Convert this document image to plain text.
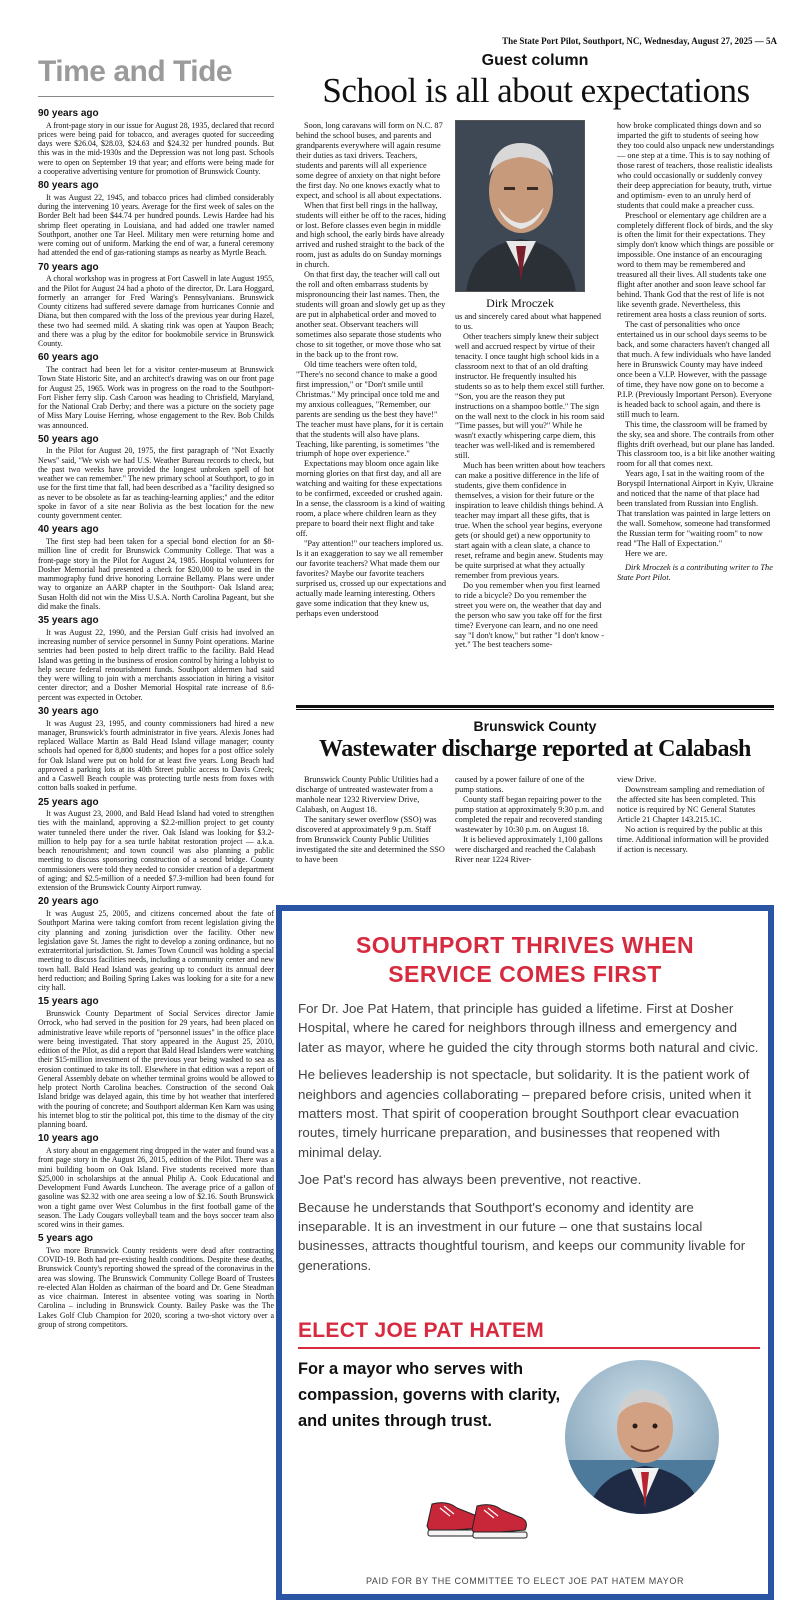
The State Port Pilot, Southport, NC, Wednesday, August 27, 2025 — 5A
Time and Tide
90 years ago

A front-page story in our issue for August 28, 1935, declared that record prices were being paid for tobacco, and averages quoted for succeeding days were $26.04, $28.03, $24.63 and $24.32 per hundred pounds. But this was in the mid-1930s and the Depression was not long past. Schools were to open on September 19 that year; and efforts were being made for a cooperative advertising venture for promotion of Brunswick County.

80 years ago

It was August 22, 1945, and tobacco prices had climbed considerably during the intervening 10 years. Average for the first week of sales on the Border Belt had been $44.74 per hundred pounds. Lewis Hardee had his shrimp fleet operating in Louisiana, and had added one trawler named Southport, another one Tar Heel. Military men were returning home and were coming out of uniform. Marking the end of war, a funeral ceremony had attended the end of gas-rationing stamps as nearby as Myrtle Beach.

70 years ago

A choral workshop was in progress at Fort Caswell in late August 1955, and the Pilot for August 24 had a photo of the director, Dr. Lara Hoggard, formerly an arranger for Fred Waring's Pennsylvanians. Brunswick County citizens had suffered severe damage from hurricanes Connie and Diana, but then compared with the loss of the previous year during Hazel, these two had seemed mild. A skating rink was open at Yaupon Beach; and there was a plug by the editor for bookmobile service in Brunswick County.

60 years ago

The contract had been let for a visitor center-museum at Brunswick Town State Historic Site, and an architect's drawing was on our front page for August 25, 1965. Work was in progress on the road to the Southport-Fort Fisher ferry slip. Cash Caroon was heading to Chrisfield, Maryland, for the National Crab Derby; and there was a picture on the society page of Miss Mary Louise Herring, whose engagement to the Rev. Bob Childs was announced.

50 years ago

In the Pilot for August 20, 1975, the first paragraph of "Not Exactly News" said, "We wish we had U.S. Weather Bureau records to check, but the past two weeks have provided the longest unbroken spell of hot weather we can remember." The new primary school at Southport, to go in use for the first time that fall, had been described as a "facility designed so as never to be obsolete as far as teaching-learning applies;" and the editor spoke in favor of a site near Bolivia as the best location for the new county government center.

40 years ago

The first step had been taken for a special bond election for an $8- million line of credit for Brunswick Community College. That was a front-page story in the Pilot for August 24, 1985. Hospital volunteers for Dosher Memorial had presented a check for $20,000 to be used in the mammography fund drive honoring Lorraine Bellamy. Plans were under way to organize an AARP chapter in the Southport- Oak Island area; Susan Holth did not win the Miss U.S.A. North Carolina Pageant, but she did make the finals.

35 years ago

It was August 22, 1990, and the Persian Gulf crisis had involved an increasing number of service personnel in Sunny Point operations. Marine sentries had been posted to help direct traffic to the facility. Bald Head Island was getting in the business of erosion control by hiring a lobbyist to help secure federal renourishment funds. Southport aldermen had said they were willing to join with a merchants association in hiring a visitor center director; and a Dosher Memorial Hospital rate increase of 8.6-percent was expected in October.

30 years ago

It was August 23, 1995, and county commissioners had hired a new manager, Brunswick's fourth administrator in five years. Alexis Jones had replaced Wallace Martin as Bald Head Island village manager; county schools had opened for 8,800 students; and hopes for a post office solely for Oak Island were put on hold for at least five years. Long Beach had approved a parking lots at its 40th Street public access to Davis Creek; and a Caswell Beach couple was protecting turtle nests from foxes with cotton balls soaked in perfume.

25 years ago

It was August 23, 2000, and Bald Head Island had voted to strengthen ties with the mainland, approving a $2.2-million project to get county water tunneled there under the river. Oak Island was looking for $3.2-million to help pay for a sea turtle habitat restoration project — a.k.a. beach renourishment; and town council was also planning a public meeting to discuss sponsoring construction of a second bridge. County commissioners were told they needed to consider creation of a department of aging; and $2.5-million of a needed $7.3-million had been found for extension of the Brunswick County Airport runway.

20 years ago

It was August 25, 2005, and citizens concerned about the fate of Southport Marina were taking comfort from recent legislation giving the city planning and zoning jurisdiction over the facility. Other new legislation gave St. James the right to develop a zoning ordinance, but no extraterritorial jurisdiction. St. James Town Council was holding a special meeting to discuss facilities needs, including a community center and new town hall. Bald Head Island was gearing up to conduct its annual deer herd reduction; and Boiling Spring Lakes was looking for a site for a new city hall.

15 years ago

Brunswick County Department of Social Services director Jamie Orrock, who had served in the position for 29 years, had been placed on administrative leave while reports of "personnel issues" in the office place were being investigated. That story appeared in the August 25, 2010, edition of the Pilot, as did a report that Bald Head Islanders were watching their $15-million investment of the previous year being washed to sea as erosion continued to take its toll. Elsewhere in that edition was a report of General Assembly debate on whether terminal groins would be allowed to help protect North Carolina beaches. Construction of the second Oak Island bridge was delayed again, this time by hot weather that interfered with the pouring of concrete; and Southport alderman Ken Karn was using his internet blog to stir the political pot, this time to the dismay of the city planning board.

10 years ago

A story about an engagement ring dropped in the water and found was a front page story in the August 26, 2015, edition of the Pilot. There was a mini building boom on Oak Island. Five students received more than $25,000 in scholarships at the annual Philip A. Cook Educational and Development Fund Awards Luncheon. The average price of a gallon of gasoline was $2.32 with one area seeing a low of $2.16. South Brunswick won a tight game over West Columbus in the first football game of the season. The Lady Cougars volleyball team and the boys soccer team also scored wins in their games.

5 years ago

Two more Brunswick County residents were dead after contracting COVID-19. Both had pre-existing health conditions. Despite these deaths, Brunswick County's reporting showed the spread of the coronavirus in the area was slowing. The Brunswick Community College Board of Trustees re-elected Alan Holden as chairman of the board and Dr. Gene Steadman as vice chairman. Interest in absentee voting was soaring in North Carolina – including in Brunswick County. Bailey Paske was the The Lakes Golf Club Champion for 2020, scoring a two-shot victory over a group of strong competitors.

Guest column
School is all about expectations

Soon, long caravans will form on N.C. 87 behind the school buses, and parents and grandparents everywhere will again resume their duties as taxi drivers. Teachers, students and parents will all experience some degree of anxiety on that night before the first day. No one knows exactly what to expect, and school is all about expectations.

When that first bell rings in the hallway, students will either be off to the races, hiding or lost. Before classes even begin in middle and high school, the early birds have already arrived and rushed straight to the back of the room, just as adults do on Sunday mornings in church.

On that first day, the teacher will call out the roll and often embarrass students by mispronouncing their last names. Then, the students will groan and slowly get up as they are put in alphabetical order and moved to another seat. Observant teachers will sometimes also separate those students who chose to sit together, or move those who sat in the back up to the front row.

Old time teachers were often told, "There's no second chance to make a good first impression," or "Don't smile until Christmas." My principal once told me and my anxious colleagues, "Remember, our parents are sending us the best they have!" The teacher must have plans, for it is certain that the students will also have plans. Teaching, like parenting, is sometimes "the triumph of hope over experience."

Expectations may bloom once again like morning glories on that first day, and all are watching and waiting for these expectations to be confirmed, exceeded or crushed again. In a sense, the classroom is a kind of waiting room, a place where children learn as they prepare to board their next flight and take off.

"Pay attention!" our teachers implored us. Is it an exaggeration to say we all remember our favorite teachers? What made them our favorites? Maybe our favorite teachers surprised us, crossed up our expectations and actually made learning interesting. Others gave some indication that they knew us, perhaps even understood

Dirk Mroczek

us and sincerely cared about what happened to us.

Other teachers simply knew their subject well and accrued respect by virtue of their tenacity. I once taught high school kids in a classroom next to that of an old drafting instructor. He frequently insulted his students so as to help them excel still further. "Son, you are the reason they put instructions on a shampoo bottle." The sign on the wall next to the clock in his room said "Time passes, but will you?" While he wasn't exactly whispering carpe diem, this teacher was well-liked and is remembered still.

Much has been written about how teachers can make a positive difference in the life of students, give them confidence in themselves, a vision for their future or the inspiration to leave childish things behind. A teacher may impart all these gifts, that is true. When the school year begins, everyone gets (or should get) a new opportunity to start again with a clean slate, a chance to reset, reframe and begin anew. Students may be quite surprised at what they actually remember from previous years.

Do you remember when you first learned to ride a bicycle? Do you remember the street you were on, the weather that day and the person who saw you take off for the first time? Everyone can learn, and no one need say "I don't know," but rather "I don't know - yet." The best teachers some-

how broke complicated things down and so imparted the gift to students of seeing how they too could also unpack new understandings — one step at a time. This is to say nothing of those rarest of teachers, those realistic idealists who could occasionally or suddenly convey their deep appreciation for beauty, truth, virtue and optimism- even to an unruly herd of students that could make a preacher cuss.

Preschool or elementary age children are a completely different flock of birds, and the sky is often the limit for their expectations. They simply don't know which things are possible or impossible. One instance of an encouraging word to them may be remembered and treasured all their lives. All students take one flight after another and soon leave school far behind. Thank God that the rest of life is not like seventh grade. Nevertheless, this retirement area hosts a class reunion of sorts.

The cast of personalities who once entertained us in our school days seems to be back, and some characters haven't changed all that much. A few individuals who have landed here in Brunswick County may have indeed once been a V.I.P. However, with the passage of time, they have now gone on to become a P.I.P. (Previously Important Person). Everyone is headed back to school again, and there is still much to learn.

This time, the classroom will be framed by the sky, sea and shore. The contrails from other flights drift overhead, but our plane has landed. This classroom too, is a bit like another waiting room for all that comes next.

Years ago, I sat in the waiting room of the Boryspil International Airport in Kyiv, Ukraine and noticed that the name of that place had been translated from Russian into English. That translation was painted in large letters on the wall. Somehow, someone had transformed the Russian term for "waiting room" to now read "The Hall of Expectation."

Here we are.

Dirk Mroczek is a contributing writer to The State Port Pilot.

Brunswick County
Wastewater discharge reported at Calabash

Brunswick County Public Utilities had a discharge of untreated wastewater from a manhole near 1232 Riverview Drive, Calabash, on August 18.

The sanitary sewer overflow (SSO) was discovered at approximately 9 p.m. Staff from Brunswick County Public Utilities investigated the site and determined the SSO to have been

caused by a power failure of one of the pump stations.

County staff began repairing power to the pump station at approximately 9:30 p.m. and completed the repair and recovered standing wastewater by 10:30 p.m. on August 18.

It is believed approximately 1,100 gallons were discharged and reached the Calabash River near 1224 River-

view Drive.

Downstream sampling and remediation of the affected site has been completed. This notice is required by NC General Statutes Article 21 Chapter 143.215.1C.

No action is required by the public at this time. Additional information will be provided if action is necessary.

SOUTHPORT THRIVES WHEN
SERVICE COMES FIRST

For Dr. Joe Pat Hatem, that principle has guided a lifetime. First at Dosher Hospital, where he cared for neighbors through illness and emergency and later as mayor, where he guided the city through storms both natural and civic.

He believes leadership is not spectacle, but solidarity. It is the patient work of neighbors and agencies collaborating – prepared before crisis, united when it matters most. That spirit of cooperation brought Southport clear evacuation routes, timely hurricane preparation, and businesses that reopened with minimal delay.

Joe Pat's record has always been preventive, not reactive.

Because he understands that Southport's economy and identity are inseparable. It is an investment in our future – one that sustains local businesses, attracts thoughtful tourism, and keeps our community livable for generations.

ELECT JOE PAT HATEM
For a mayor who serves with compassion, governs with clarity, and unites through trust.
PAID FOR BY THE COMMITTEE TO ELECT JOE PAT HATEM MAYOR
